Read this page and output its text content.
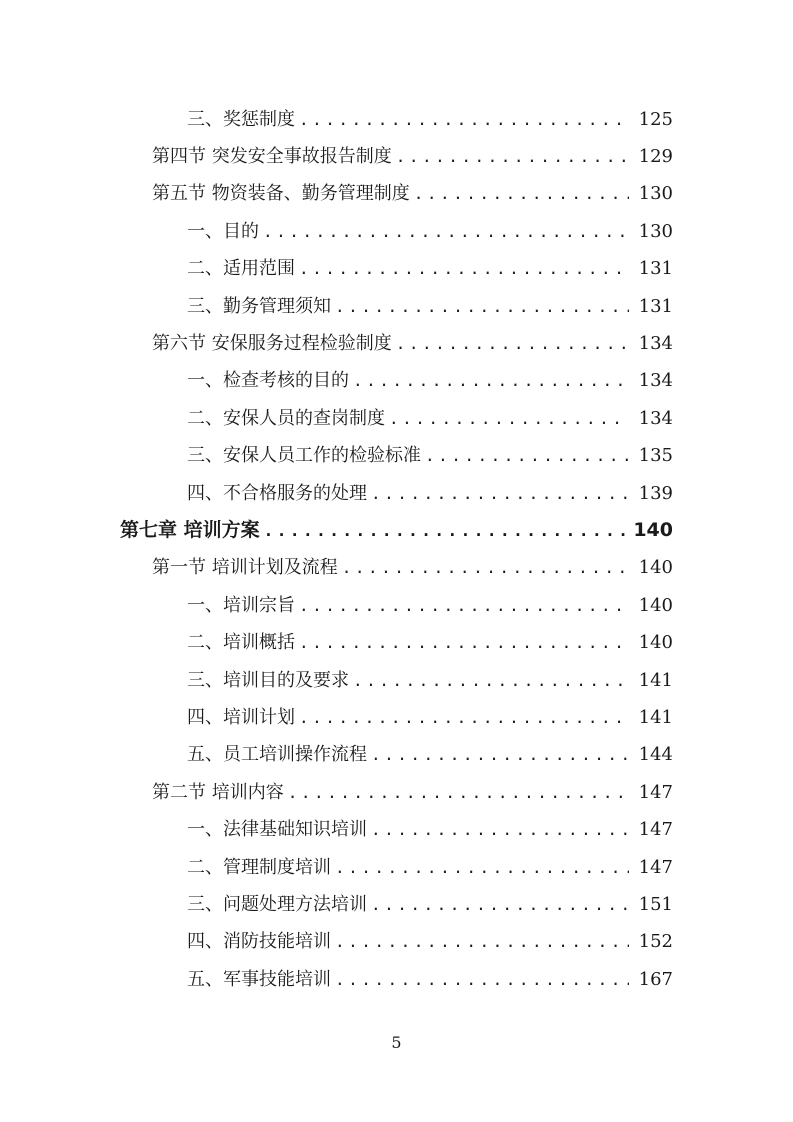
三、奖惩制度 .....	125
第四节 突发安全事故报告制度 .....	129
第五节 物资装备、勤务管理制度 .....	130
一、目的 .....	130
二、适用范围 .....	131
三、勤务管理须知 .....	131
第六节 安保服务过程检验制度 .....	134
一、检查考核的目的 .....	134
二、安保人员的查岗制度 .....	134
三、安保人员工作的检验标准 .....	135
四、不合格服务的处理 .....	139
第七章 培训方案 .....	140
第一节 培训计划及流程 .....	140
一、培训宗旨 .....	140
二、培训概括 .....	140
三、培训目的及要求 .....	141
四、培训计划 .....	141
五、员工培训操作流程 .....	144
第二节 培训内容 .....	147
一、法律基础知识培训 .....	147
二、管理制度培训 .....	147
三、问题处理方法培训 .....	151
四、消防技能培训 .....	152
五、军事技能培训 .....	167
5
